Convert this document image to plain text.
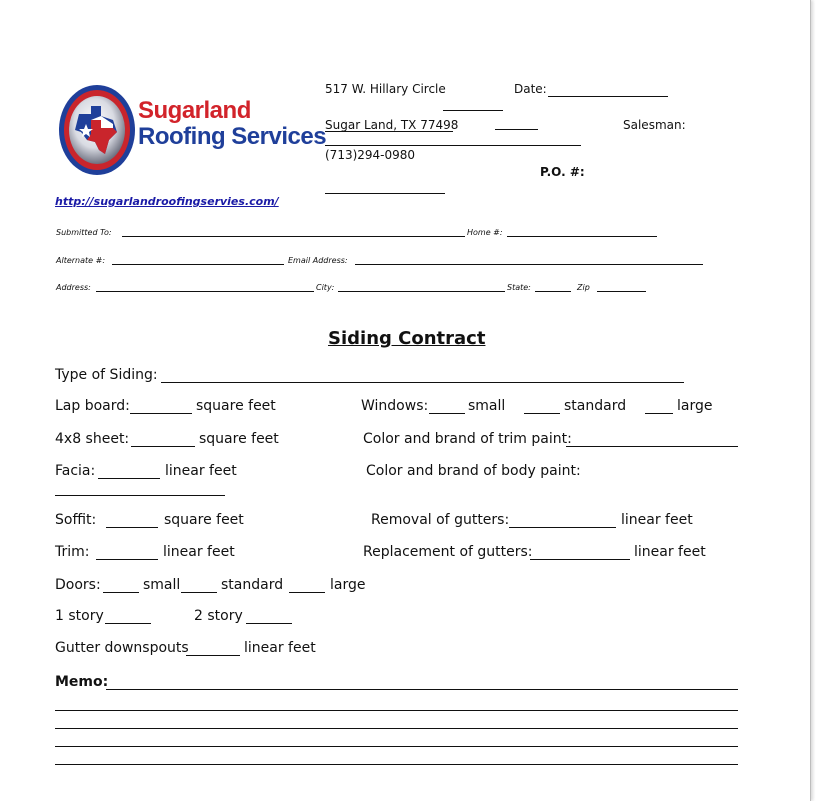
Sugarland
Roofing Services
517 W. Hillary Circle	Date:
Sugar Land, TX 77498	Salesman:
(713)294-0980
P.O. #:
http://sugarlandroofingservies.com/
Submitted To:	Home #:
Alternate #:	Email Address:
Address:	City:	State:	Zip
Siding Contract
Type of Siding:
Lap board:	square feet	Windows:	small	standard	large
4x8 sheet:	square feet	Color and brand of trim paint:
Facia:	linear feet	Color and brand of body paint:
Soffit:	square feet	Removal of gutters:	linear feet
Trim:	linear feet	Replacement of gutters:	linear feet
Doors:	small	standard	large
1 story	2 story
Gutter downspouts	linear feet
Memo:
